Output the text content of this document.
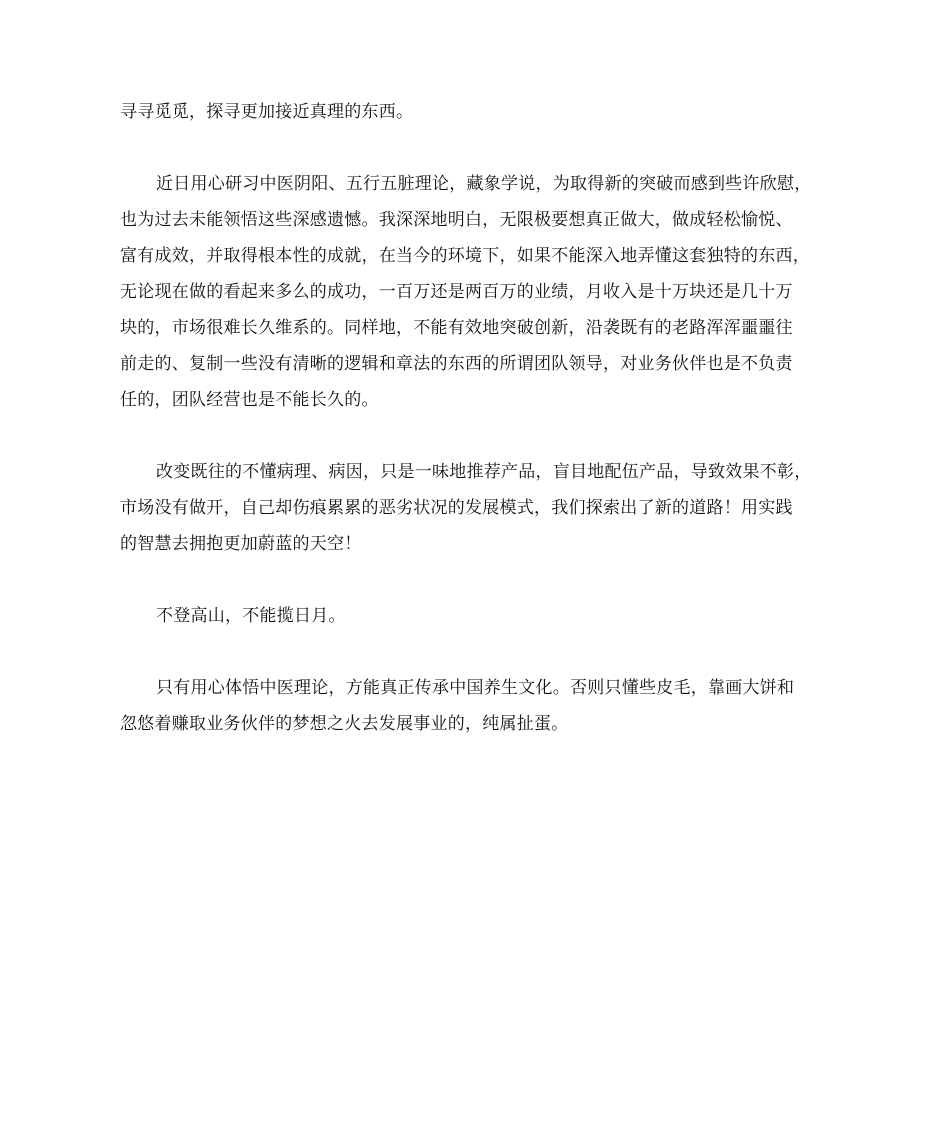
寻寻觅觅，探寻更加接近真理的东西。
近日用心研习中医阴阳、五行五脏理论，藏象学说，为取得新的突破而感到些许欣慰，
也为过去未能领悟这些深感遗憾。我深深地明白，无限极要想真正做大，做成轻松愉悦、
富有成效，并取得根本性的成就，在当今的环境下，如果不能深入地弄懂这套独特的东西，
无论现在做的看起来多么的成功，一百万还是两百万的业绩，月收入是十万块还是几十万
块的，市场很难长久维系的。同样地，不能有效地突破创新，沿袭既有的老路浑浑噩噩往
前走的、复制一些没有清晰的逻辑和章法的东西的所谓团队领导，对业务伙伴也是不负责
任的，团队经营也是不能长久的。
改变既往的不懂病理、病因，只是一味地推荐产品，盲目地配伍产品，导致效果不彰，
市场没有做开，自己却伤痕累累的恶劣状况的发展模式，我们探索出了新的道路！用实践
的智慧去拥抱更加蔚蓝的天空！
不登高山，不能揽日月。
只有用心体悟中医理论，方能真正传承中国养生文化。否则只懂些皮毛，靠画大饼和
忽悠着赚取业务伙伴的梦想之火去发展事业的，纯属扯蛋。
